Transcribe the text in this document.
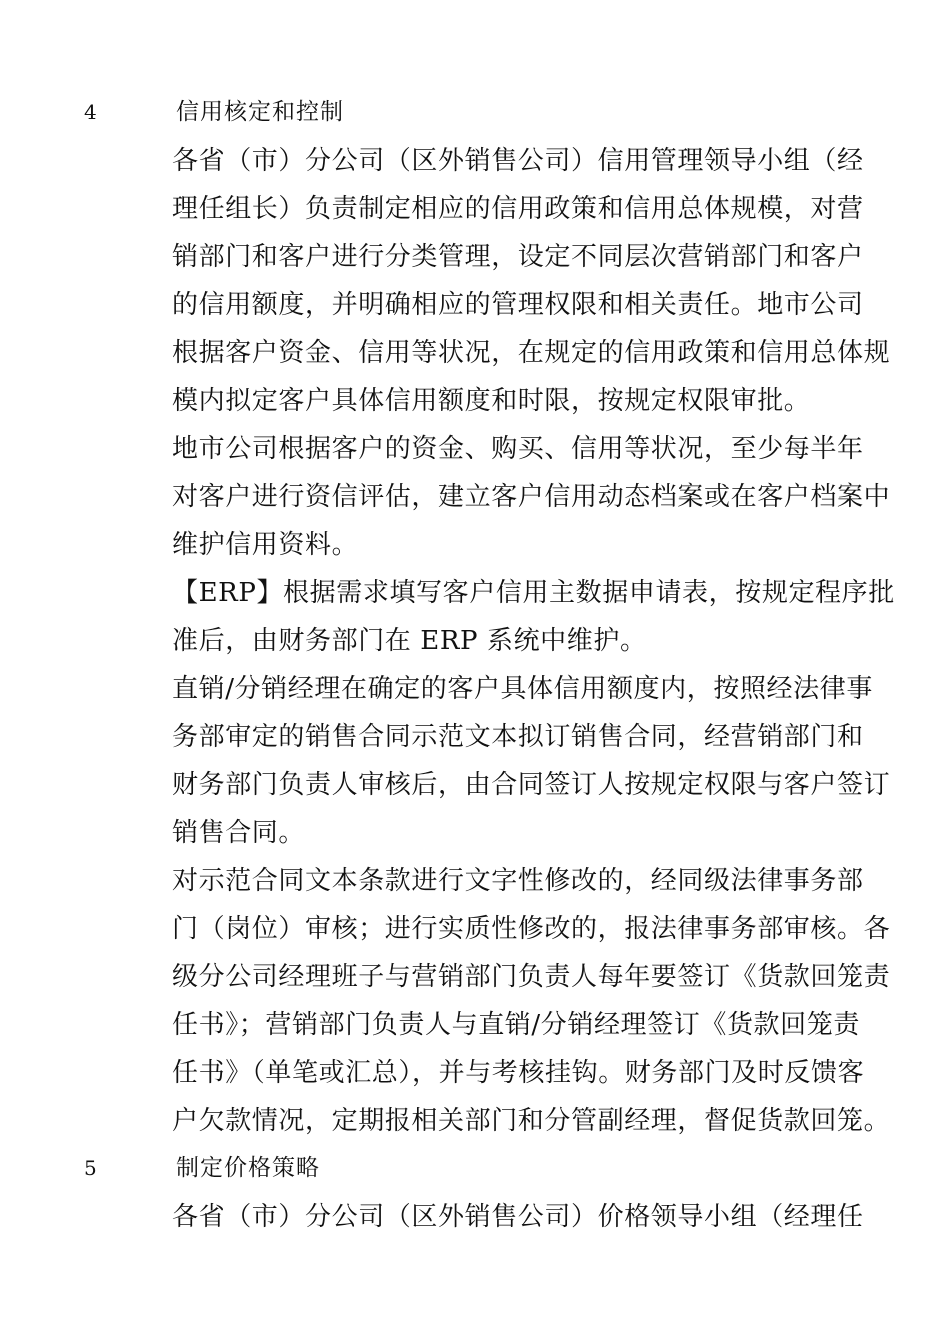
4	信用核定和控制
各省（市）分公司（区外销售公司）信用管理领导小组（经
理任组长）负责制定相应的信用政策和信用总体规模，对营
销部门和客户进行分类管理，设定不同层次营销部门和客户
的信用额度，并明确相应的管理权限和相关责任。地市公司
根据客户资金、信用等状况，在规定的信用政策和信用总体规
模内拟定客户具体信用额度和时限，按规定权限审批。
地市公司根据客户的资金、购买、信用等状况，至少每半年
对客户进行资信评估，建立客户信用动态档案或在客户档案中
维护信用资料。
【ERP】根据需求填写客户信用主数据申请表，按规定程序批
准后，由财务部门在 ERP 系统中维护。
直销/分销经理在确定的客户具体信用额度内，按照经法律事
务部审定的销售合同示范文本拟订销售合同，经营销部门和
财务部门负责人审核后，由合同签订人按规定权限与客户签订
销售合同。
对示范合同文本条款进行文字性修改的，经同级法律事务部
门（岗位）审核；进行实质性修改的，报法律事务部审核。各
级分公司经理班子与营销部门负责人每年要签订《货款回笼责
任书》；营销部门负责人与直销/分销经理签订《货款回笼责
任书》（单笔或汇总），并与考核挂钩。财务部门及时反馈客
户欠款情况，定期报相关部门和分管副经理，督促货款回笼。
5	制定价格策略
各省（市）分公司（区外销售公司）价格领导小组（经理任
